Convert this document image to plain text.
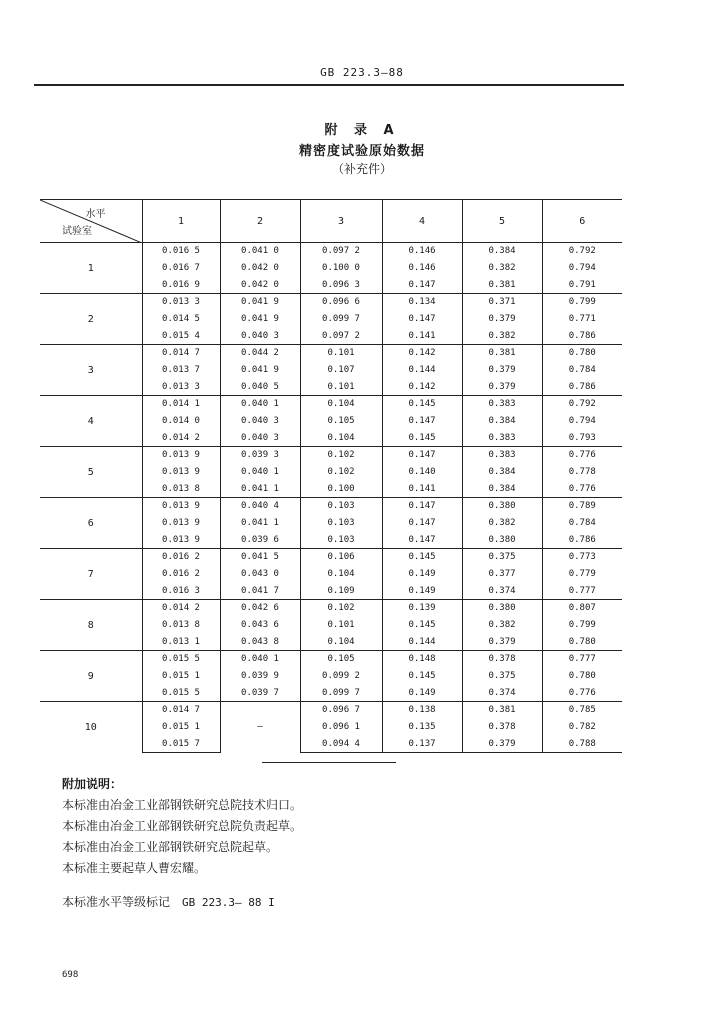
GB 223.3—88
附 录 A
精密度试验原始数据
（补充件）
水平
试验室	1	2	3	4	5	6
1	0.016 5	0.041 0	0.097 2	0.146	0.384	0.792
	0.016 7	0.042 0	0.100 0	0.146	0.382	0.794
	0.016 9	0.042 0	0.096 3	0.147	0.381	0.791
2	0.013 3	0.041 9	0.096 6	0.134	0.371	0.799
	0.014 5	0.041 9	0.099 7	0.147	0.379	0.771
	0.015 4	0.040 3	0.097 2	0.141	0.382	0.786
3	0.014 7	0.044 2	0.101	0.142	0.381	0.780
	0.013 7	0.041 9	0.107	0.144	0.379	0.784
	0.013 3	0.040 5	0.101	0.142	0.379	0.786
4	0.014 1	0.040 1	0.104	0.145	0.383	0.792
	0.014 0	0.040 3	0.105	0.147	0.384	0.794
	0.014 2	0.040 3	0.104	0.145	0.383	0.793
5	0.013 9	0.039 3	0.102	0.147	0.383	0.776
	0.013 9	0.040 1	0.102	0.140	0.384	0.778
	0.013 8	0.041 1	0.100	0.141	0.384	0.776
6	0.013 9	0.040 4	0.103	0.147	0.380	0.789
	0.013 9	0.041 1	0.103	0.147	0.382	0.784
	0.013 9	0.039 6	0.103	0.147	0.380	0.786
7	0.016 2	0.041 5	0.106	0.145	0.375	0.773
	0.016 2	0.043 0	0.104	0.149	0.377	0.779
	0.016 3	0.041 7	0.109	0.149	0.374	0.777
8	0.014 2	0.042 6	0.102	0.139	0.380	0.807
	0.013 8	0.043 6	0.101	0.145	0.382	0.799
	0.013 1	0.043 8	0.104	0.144	0.379	0.780
9	0.015 5	0.040 1	0.105	0.148	0.378	0.777
	0.015 1	0.039 9	0.099 2	0.145	0.375	0.780
	0.015 5	0.039 7	0.099 7	0.149	0.374	0.776
10	0.014 7	—	0.096 7	0.138	0.381	0.785
	0.015 1		0.096 1	0.135	0.378	0.782
	0.015 7		0.094 4	0.137	0.379	0.788
附加说明：
本标准由冶金工业部钢铁研究总院技术归口。
本标准由冶金工业部钢铁研究总院负责起草。
本标准由冶金工业部钢铁研究总院起草。
本标准主要起草人曹宏耀。
本标准水平等级标记 GB 223.3— 88 I
698
